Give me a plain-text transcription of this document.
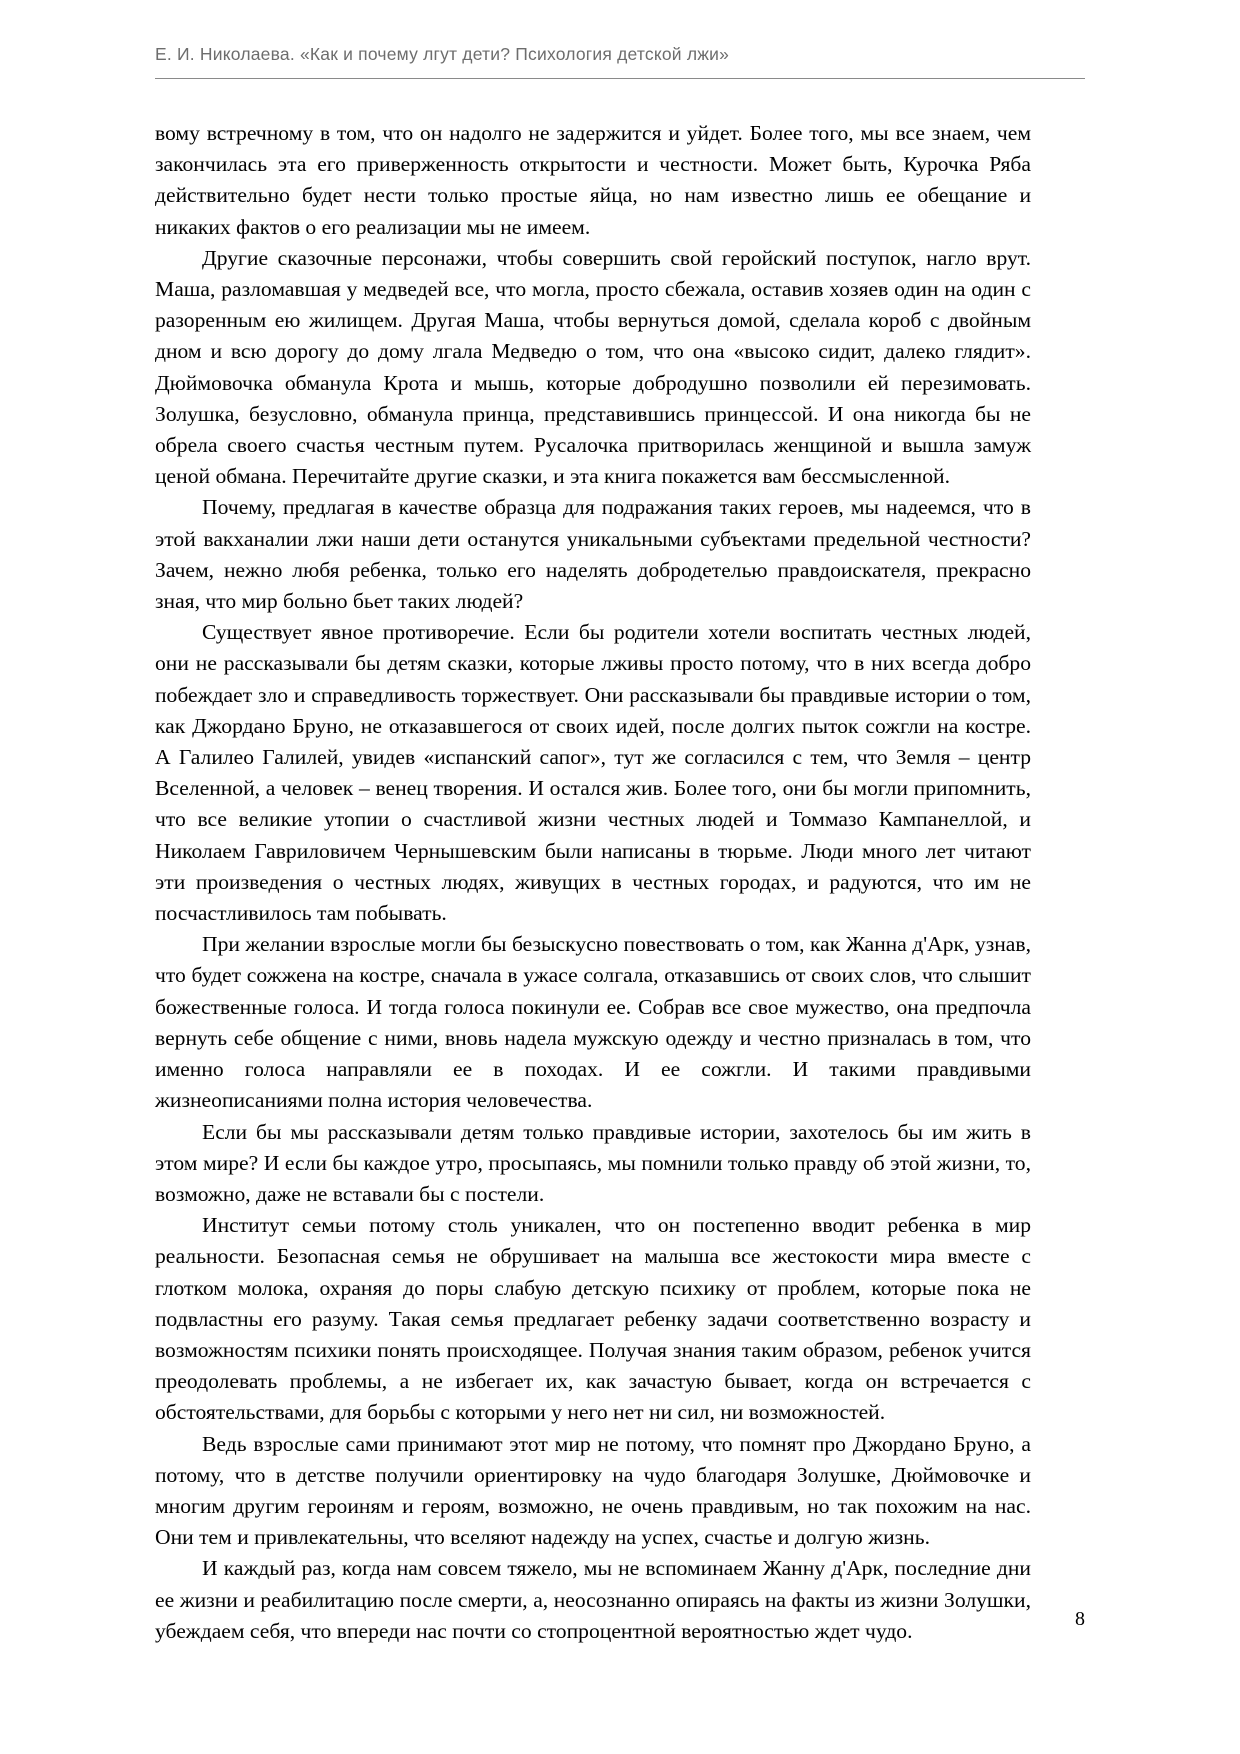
Е. И. Николаева. «Как и почему лгут дети? Психология детской лжи»

вому встречному в том, что он надолго не задержится и уйдет. Более того, мы все знаем, чем закончилась эта его приверженность открытости и честности. Может быть, Курочка Ряба действительно будет нести только простые яйца, но нам известно лишь ее обещание и никаких фактов о его реализации мы не имеем.

Другие сказочные персонажи, чтобы совершить свой геройский поступок, нагло врут. Маша, разломавшая у медведей все, что могла, просто сбежала, оставив хозяев один на один с разоренным ею жилищем. Другая Маша, чтобы вернуться домой, сделала короб с двойным дном и всю дорогу до дому лгала Медведю о том, что она «высоко сидит, далеко глядит». Дюймовочка обманула Крота и мышь, которые добродушно позволили ей перезимовать. Золушка, безусловно, обманула принца, представившись принцессой. И она никогда бы не обрела своего счастья честным путем. Русалочка притворилась женщиной и вышла замуж ценой обмана. Перечитайте другие сказки, и эта книга покажется вам бессмысленной.

Почему, предлагая в качестве образца для подражания таких героев, мы надеемся, что в этой вакханалии лжи наши дети останутся уникальными субъектами предельной честности? Зачем, нежно любя ребенка, только его наделять добродетелью правдоискателя, прекрасно зная, что мир больно бьет таких людей?

Существует явное противоречие. Если бы родители хотели воспитать честных людей, они не рассказывали бы детям сказки, которые лживы просто потому, что в них всегда добро побеждает зло и справедливость торжествует. Они рассказывали бы правдивые истории о том, как Джордано Бруно, не отказавшегося от своих идей, после долгих пыток сожгли на костре. А Галилео Галилей, увидев «испанский сапог», тут же согласился с тем, что Земля – центр Вселенной, а человек – венец творения. И остался жив. Более того, они бы могли припомнить, что все великие утопии о счастливой жизни честных людей и Томмазо Кампанеллой, и Николаем Гавриловичем Чернышевским были написаны в тюрьме. Люди много лет читают эти произведения о честных людях, живущих в честных городах, и радуются, что им не посчастливилось там побывать.

При желании взрослые могли бы безыскусно повествовать о том, как Жанна д'Арк, узнав, что будет сожжена на костре, сначала в ужасе солгала, отказавшись от своих слов, что слышит божественные голоса. И тогда голоса покинули ее. Собрав все свое мужество, она предпочла вернуть себе общение с ними, вновь надела мужскую одежду и честно призналась в том, что именно голоса направляли ее в походах. И ее сожгли. И такими правдивыми жизнеописаниями полна история человечества.

Если бы мы рассказывали детям только правдивые истории, захотелось бы им жить в этом мире? И если бы каждое утро, просыпаясь, мы помнили только правду об этой жизни, то, возможно, даже не вставали бы с постели.

Институт семьи потому столь уникален, что он постепенно вводит ребенка в мир реальности. Безопасная семья не обрушивает на малыша все жестокости мира вместе с глотком молока, охраняя до поры слабую детскую психику от проблем, которые пока не подвластны его разуму. Такая семья предлагает ребенку задачи соответственно возрасту и возможностям психики понять происходящее. Получая знания таким образом, ребенок учится преодолевать проблемы, а не избегает их, как зачастую бывает, когда он встречается с обстоятельствами, для борьбы с которыми у него нет ни сил, ни возможностей.

Ведь взрослые сами принимают этот мир не потому, что помнят про Джордано Бруно, а потому, что в детстве получили ориентировку на чудо благодаря Золушке, Дюймовочке и многим другим героиням и героям, возможно, не очень правдивым, но так похожим на нас. Они тем и привлекательны, что вселяют надежду на успех, счастье и долгую жизнь.

И каждый раз, когда нам совсем тяжело, мы не вспоминаем Жанну д'Арк, последние дни ее жизни и реабилитацию после смерти, а, неосознанно опираясь на факты из жизни Золушки, убеждаем себя, что впереди нас почти со стопроцентной вероятностью ждет чудо.	8
